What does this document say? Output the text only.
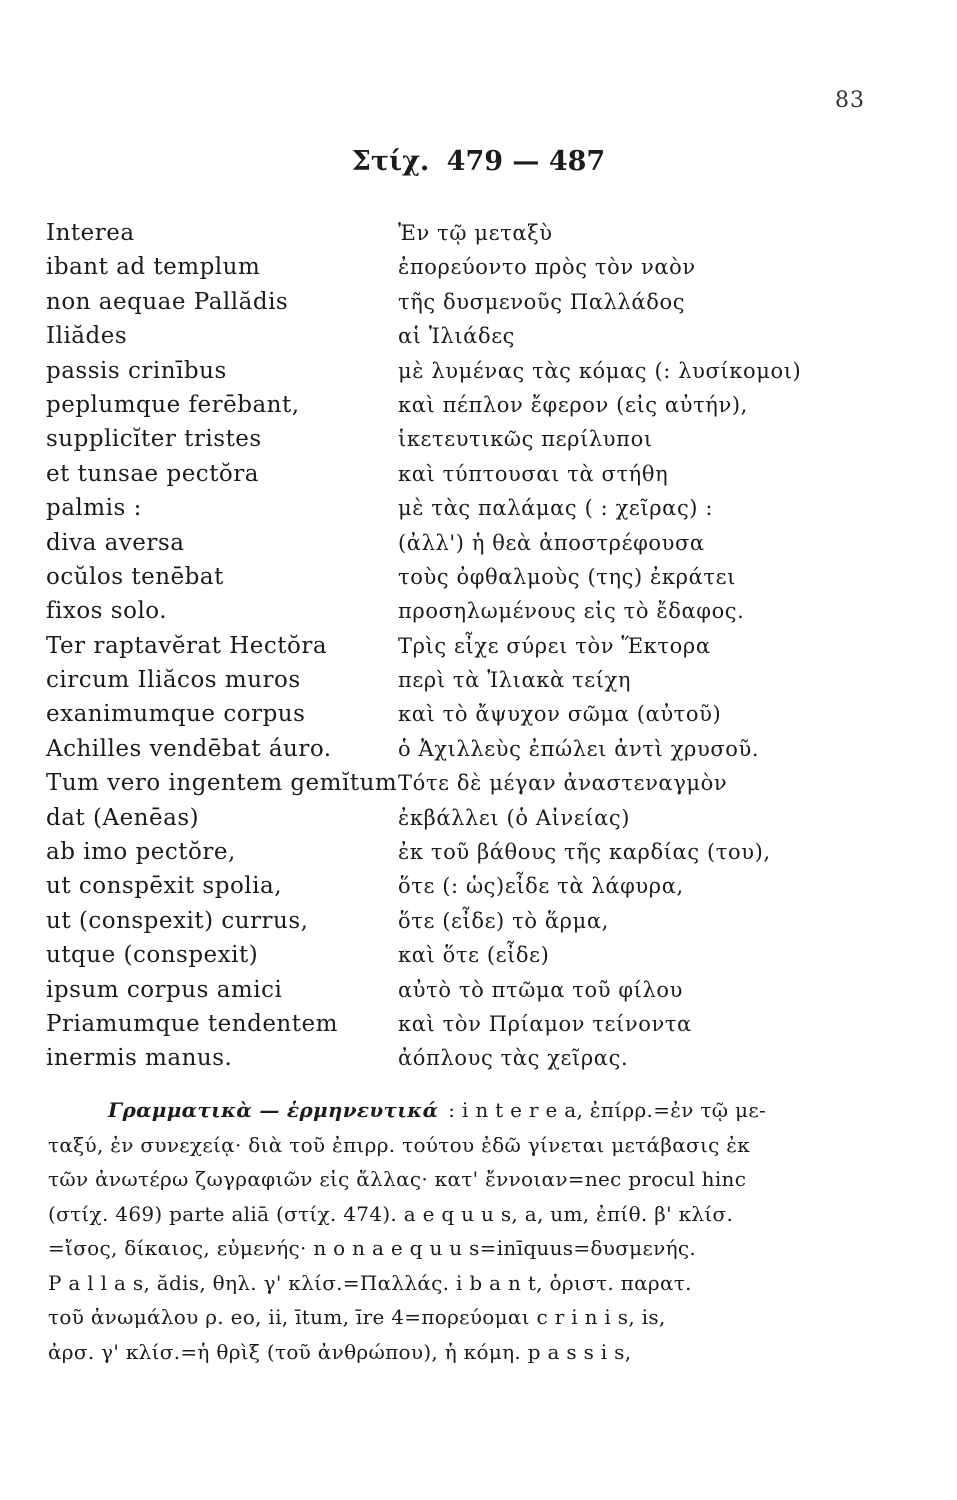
83
Στίχ. 479 — 487
Interea
ibant ad templum
non aequae Pallădis
Iliădes
passis crinībus
peplumque ferēbant,
supplicĭter tristes
et tunsae pectŏra
palmis :
diva aversa
ocŭlos tenēbat
fixos solo.
Ter raptavĕrat Hectŏra
circum Iliăcos muros
exanimumque corpus
Achilles vendēbat áuro.
Tum vero ingentem gemĭtum
dat (Aenēas)
ab imo pectŏre,
ut conspēxit spolia,
ut (conspexit) currus,
utque (conspexit)
ipsum corpus amici
Priamumque tendentem
inermis manus.
Ἐν τῷ μεταξὺ
ἐπορεύοντο πρὸς τὸν ναὸν
τῆς δυσμενοῦς Παλλάδος
αἱ Ἰλιάδες
μὲ λυμένας τὰς κόμας (: λυσίκομοι)
καὶ πέπλον ἔφερον (εἰς αὐτήν),
ἱκετευτικῶς περίλυποι
καὶ τύπτουσαι τὰ στήθη
μὲ τὰς παλάμας ( : χεῖρας) :
(ἀλλ') ἡ θεὰ ἀποστρέφουσα
τοὺς ὀφθαλμοὺς (της) ἐκράτει
προσηλωμένους εἰς τὸ ἔδαφος.
Τρὶς εἶχε σύρει τὸν Ἕκτορα
περὶ τὰ Ἰλιακὰ τείχη
καὶ τὸ ἄψυχον σῶμα (αὐτοῦ)
ὁ Ἀχιλλεὺς ἐπώλει ἀντὶ χρυσοῦ.
Τότε δὲ μέγαν ἀναστεναγμὸν
ἐκβάλλει (ὁ Αἰνείας)
ἐκ τοῦ βάθους τῆς καρδίας (του),
ὅτε (: ὡς)εἶδε τὰ λάφυρα,
ὅτε (εἶδε) τὸ ἅρμα,
καὶ ὅτε (εἶδε)
αὐτὸ τὸ πτῶμα τοῦ φίλου
καὶ τὸν Πρίαμον τείνοντα
ἀόπλους τὰς χεῖρας.
Γραμματικὰ — ἑρμηνευτικά : i n t e r e a, ἐπίρρ.=ἐν τῷ με-
ταξύ, ἐν συνεχείᾳ· διὰ τοῦ ἐπιρρ. τούτου ἐδῶ γίνεται μετάβασις ἐκ
τῶν ἀνωτέρω ζωγραφιῶν εἰς ἄλλας· κατ' ἔννοιαν=nec procul hinc
(στίχ. 469) parte aliā (στίχ. 474). a e q u u s, a, um, ἐπίθ. β' κλίσ.
=ἴσος, δίκαιος, εὐμενής· n o n a e q u u s=inīquus=δυσμενής.
P a l l a s, ădis, θηλ. γ' κλίσ.=Παλλάς. i b a n t, ὁριστ. παρατ.
τοῦ ἀνωμάλου ρ. eo, ii, ītum, īre 4=πορεύομαι c r i n i s, is,
ἀρσ. γ' κλίσ.=ἡ θρὶξ (τοῦ ἀνθρώπου), ἡ κόμη. p a s s i s,
